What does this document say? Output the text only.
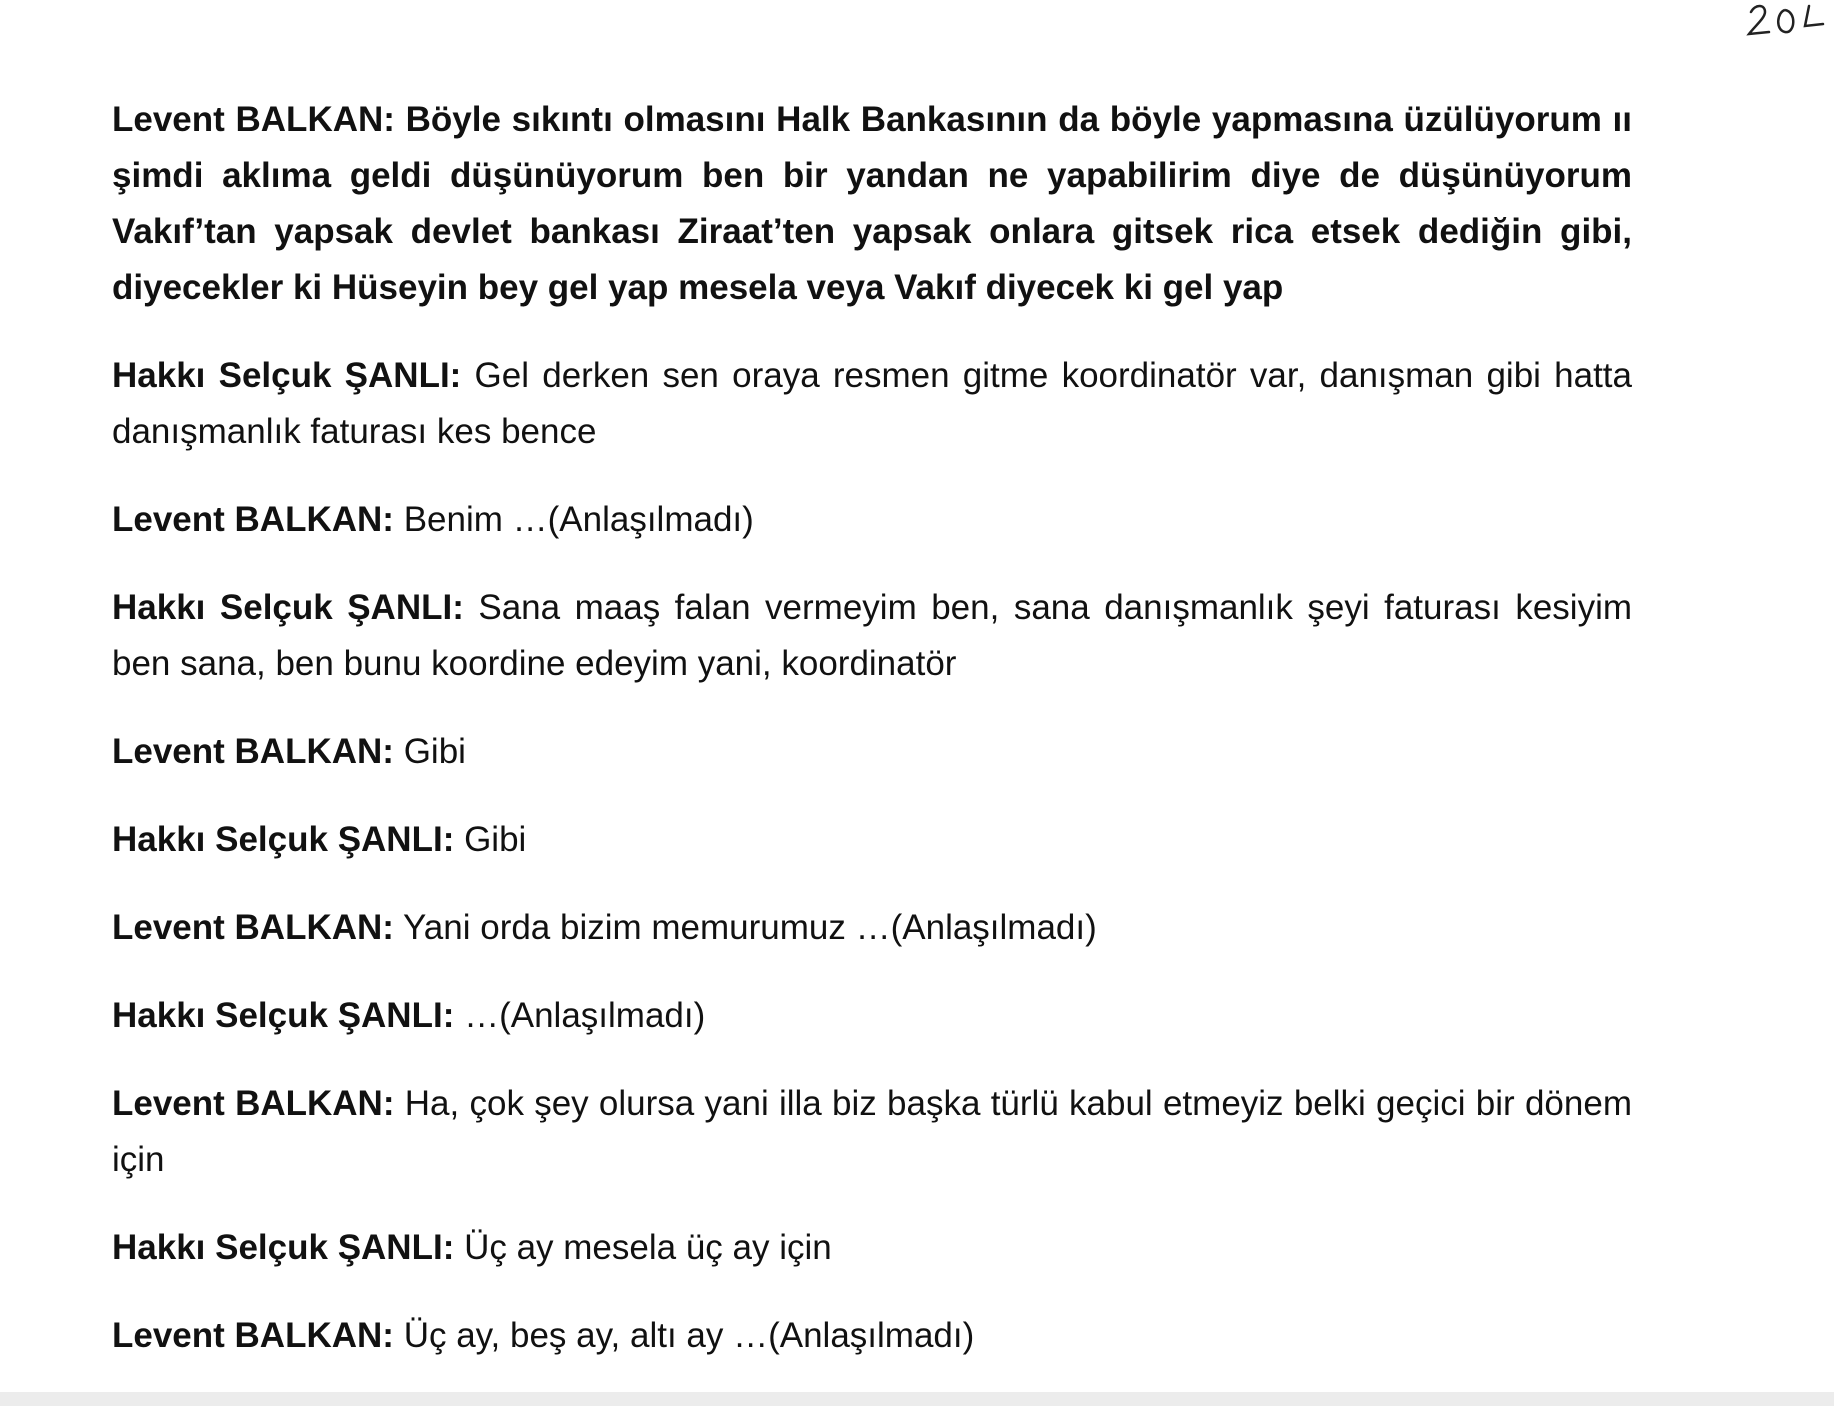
Levent BALKAN: Böyle sıkıntı olmasını Halk Bankasının da böyle yapmasına üzülüyorum ıı şimdi aklıma geldi düşünüyorum ben bir yandan ne yapabilirim diye de düşünüyorum Vakıf’tan yapsak devlet bankası Ziraat’ten yapsak onlara gitsek rica etsek dediğin gibi, diyecekler ki Hüseyin bey gel yap mesela veya Vakıf diyecek ki gel yap

Hakkı Selçuk ŞANLI: Gel derken sen oraya resmen gitme koordinatör var, danışman gibi hatta danışmanlık faturası kes bence

Levent BALKAN: Benim …(Anlaşılmadı)

Hakkı Selçuk ŞANLI: Sana maaş falan vermeyim ben, sana danışmanlık şeyi faturası kesiyim ben sana, ben bunu koordine edeyim yani, koordinatör

Levent BALKAN: Gibi

Hakkı Selçuk ŞANLI: Gibi

Levent BALKAN: Yani orda bizim memurumuz …(Anlaşılmadı)

Hakkı Selçuk ŞANLI: …(Anlaşılmadı)

Levent BALKAN: Ha, çok şey olursa yani illa biz başka türlü kabul etmeyiz belki geçici bir dönem için

Hakkı Selçuk ŞANLI: Üç ay mesela üç ay için

Levent BALKAN: Üç ay, beş ay, altı ay …(Anlaşılmadı)
